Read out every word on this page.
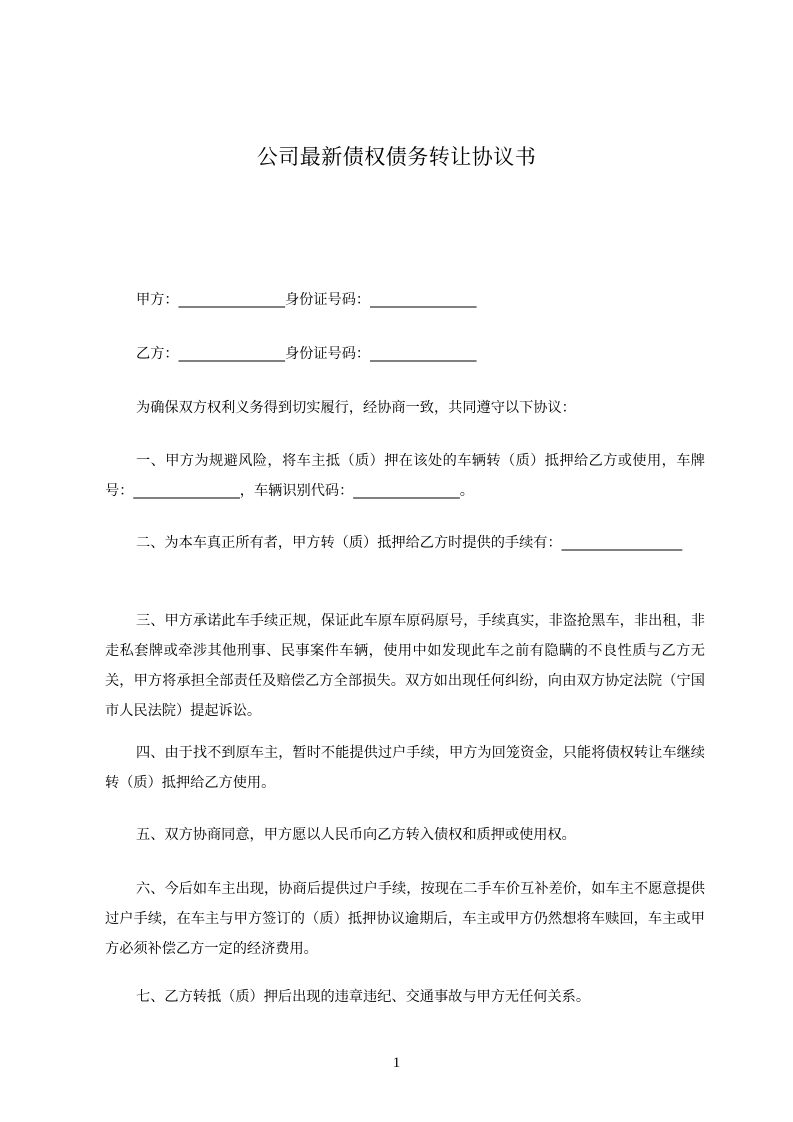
公司最新债权债务转让协议书
甲方：_______________身份证号码：_______________
乙方：_______________身份证号码：_______________
为确保双方权利义务得到切实履行，经协商一致，共同遵守以下协议：
一、甲方为规避风险，将车主抵（质）押在该处的车辆转（质）抵押给乙方或使用，车牌号：_______________，车辆识别代码：_______________。
二、为本车真正所有者，甲方转（质）抵押给乙方时提供的手续有：_________________
三、甲方承诺此车手续正规，保证此车原车原码原号，手续真实，非盗抢黑车，非出租，非走私套牌或牵涉其他刑事、民事案件车辆，使用中如发现此车之前有隐瞒的不良性质与乙方无关，甲方将承担全部责任及赔偿乙方全部损失。双方如出现任何纠纷，向由双方协定法院（宁国市人民法院）提起诉讼。
四、由于找不到原车主，暂时不能提供过户手续，甲方为回笼资金，只能将债权转让车继续转（质）抵押给乙方使用。
五、双方协商同意，甲方愿以人民币向乙方转入债权和质押或使用权。
六、今后如车主出现，协商后提供过户手续，按现在二手车价互补差价，如车主不愿意提供过户手续，在车主与甲方签订的（质）抵押协议逾期后，车主或甲方仍然想将车赎回，车主或甲方必须补偿乙方一定的经济费用。
七、乙方转抵（质）押后出现的违章违纪、交通事故与甲方无任何关系。
1
